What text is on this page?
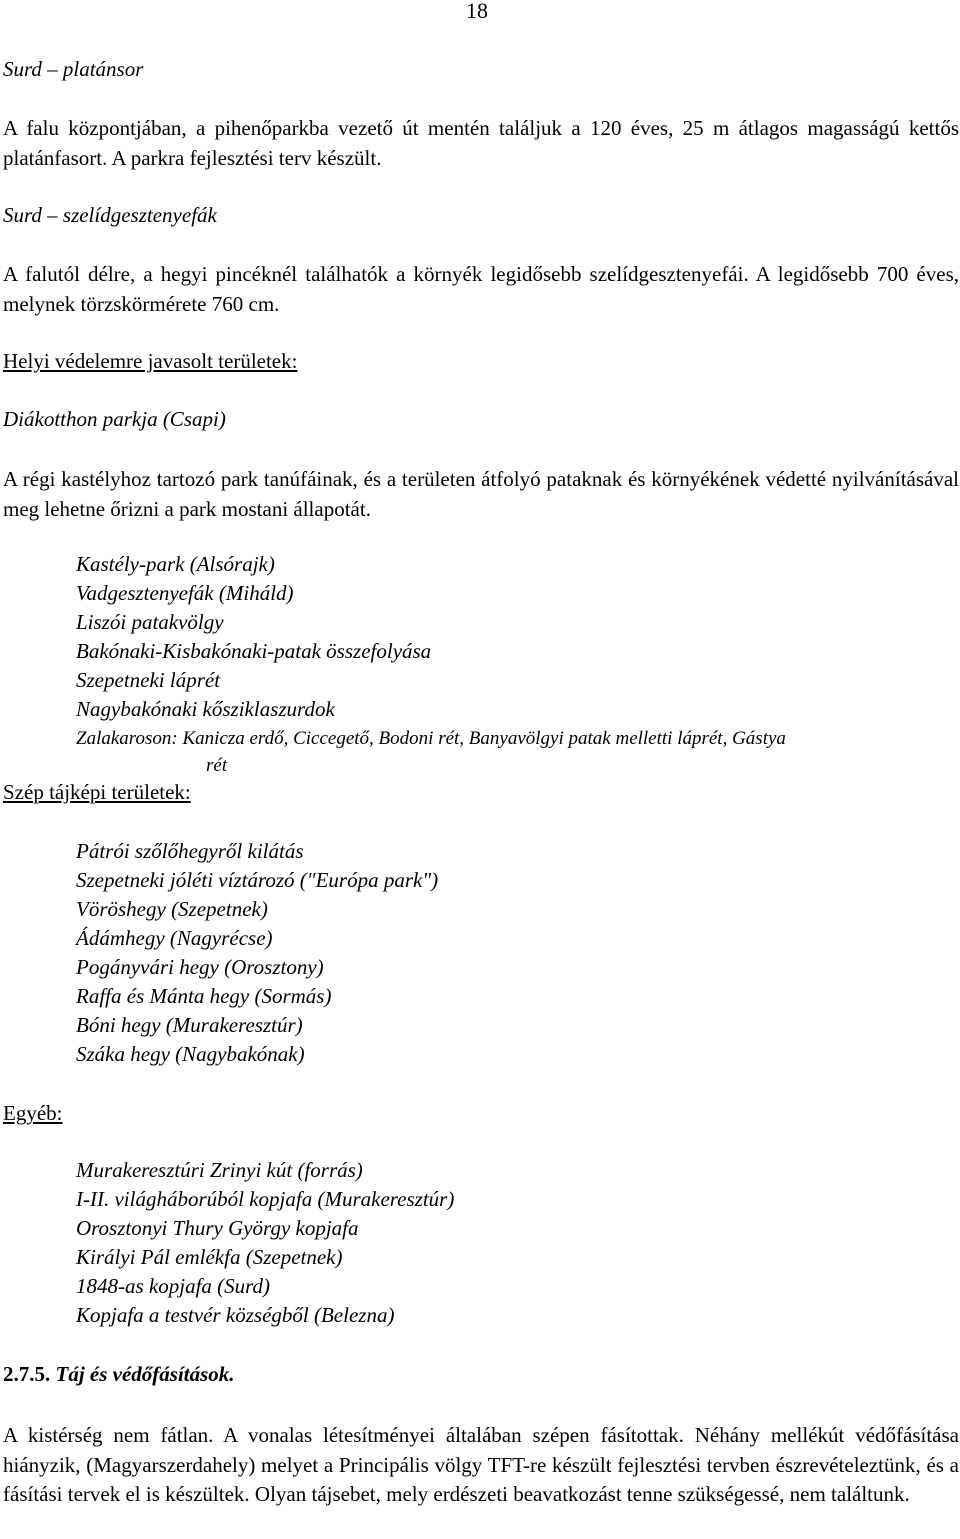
18
Surd – platánsor

A falu központjában, a pihenőparkba vezető út mentén találjuk a 120 éves, 25 m átlagos magasságú kettős platánfasort. A parkra fejlesztési terv készült.

Surd – szelídgesztenyefák

A falutól délre, a hegyi pincéknél találhatók a környék legidősebb szelídgesztenyefái. A legidősebb 700 éves, melynek törzskörmérete 760 cm.

Helyi védelemre javasolt területek:
Diákotthon parkja (Csapi)

A régi kastélyhoz tartozó park tanúfáinak, és a területen átfolyó pataknak és környékének védetté nyilvánításával meg lehetne őrizni a park mostani állapotát.

Kastély-park (Alsórajk)
Vadgesztenyefák (Miháld)
Liszói patakvölgy
Bakónaki-Kisbakónaki-patak összefolyása
Szepetneki láprét
Nagybakónaki kősziklaszurdok
Zalakaroson: Kanicza erdő, Ciccegető, Bodoni rét, Banyavölgyi patak melletti láprét, Gástya
rét
Szép tájképi területek:
Pátrói szőlőhegyről kilátás
Szepetneki jóléti víztározó ("Európa park")
Vöröshegy (Szepetnek)
Ádámhegy (Nagyrécse)
Pogányvári hegy (Orosztony)
Raffa és Mánta hegy (Sormás)
Bóni hegy (Murakeresztúr)
Száka hegy (Nagybakónak)
Egyéb:
Murakeresztúri Zrinyi kút (forrás)
I-II. világháborúból kopjafa (Murakeresztúr)
Orosztonyi Thury György kopjafa
Királyi Pál emlékfa (Szepetnek)
1848-as kopjafa (Surd)
Kopjafa a testvér községből (Belezna)
2.7.5. Táj és védőfásítások.

A kistérség nem fátlan. A vonalas létesítményei általában szépen fásítottak. Néhány mellékút védőfásítása hiányzik, (Magyarszerdahely) melyet a Principális völgy TFT-re készült fejlesztési tervben észrevételeztünk, és a fásítási tervek el is készültek. Olyan tájsebet, mely erdészeti beavatkozást tenne szükségessé, nem találtunk.
